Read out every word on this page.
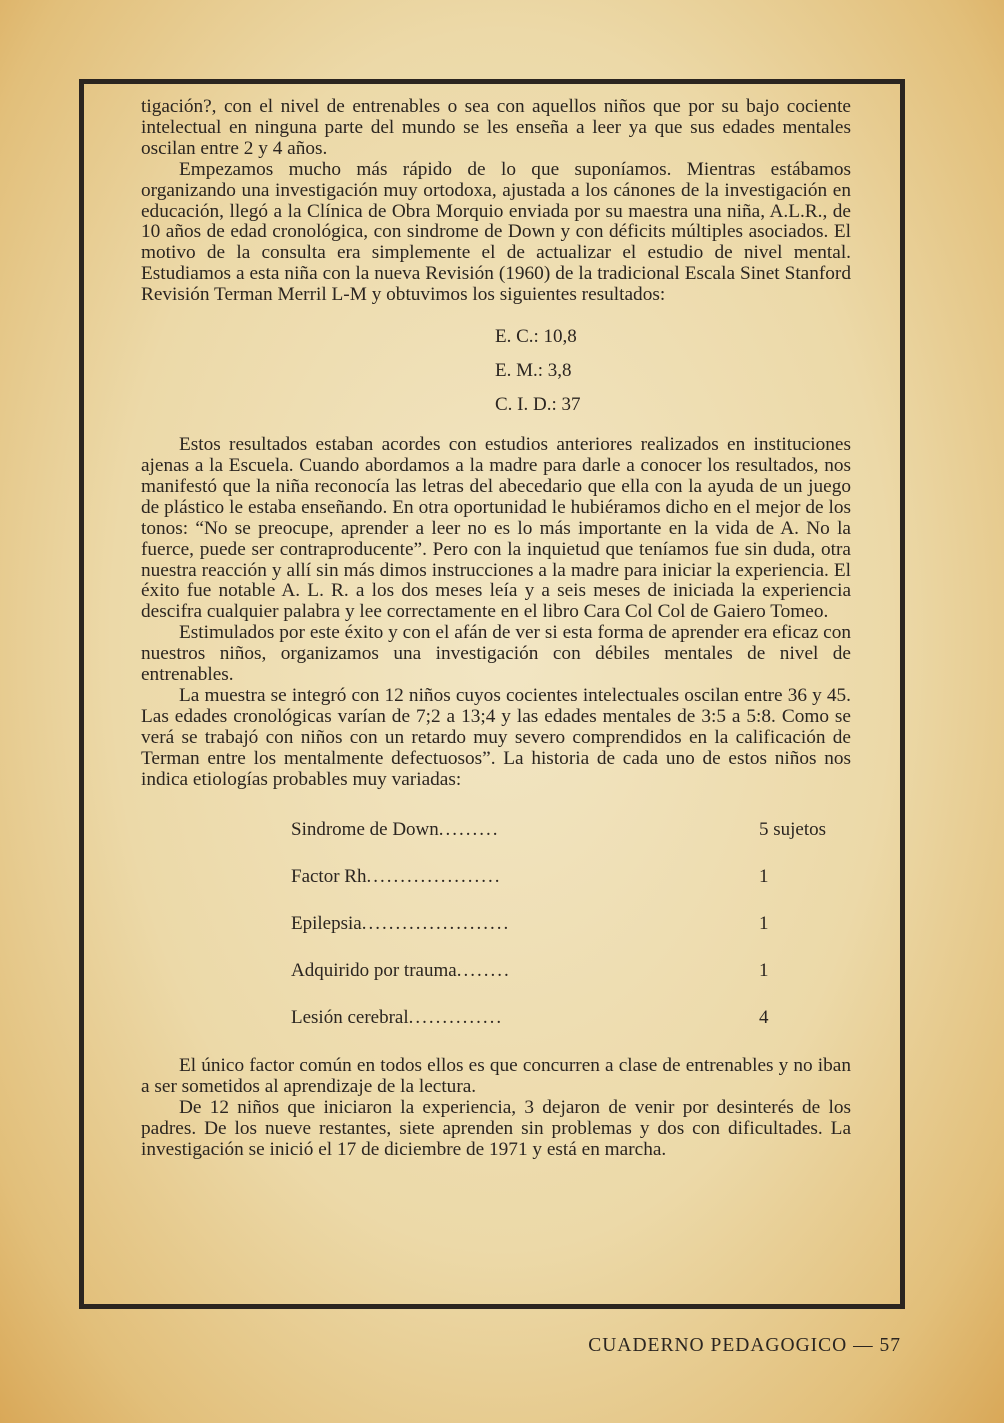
tigación?, con el nivel de entrenables o sea con aquellos niños que por su bajo cociente intelectual en ninguna parte del mundo se les enseña a leer ya que sus edades mentales oscilan entre 2 y 4 años.

Empezamos mucho más rápido de lo que suponíamos. Mientras estábamos organizando una investigación muy ortodoxa, ajustada a los cánones de la investigación en educación, llegó a la Clínica de Obra Morquio enviada por su maestra una niña, A.L.R., de 10 años de edad cronológica, con sindrome de Down y con déficits múltiples asociados. El motivo de la consulta era simplemente el de actualizar el estudio de nivel mental. Estudiamos a esta niña con la nueva Revisión (1960) de la tradicional Escala Sinet Stanford Revisión Terman Merril L-M y obtuvimos los siguientes resultados:

E. C.: 10,8
E. M.: 3,8
C. I. D.: 37

Estos resultados estaban acordes con estudios anteriores realizados en instituciones ajenas a la Escuela. Cuando abordamos a la madre para darle a conocer los resultados, nos manifestó que la niña reconocía las letras del abecedario que ella con la ayuda de un juego de plástico le estaba enseñando. En otra oportunidad le hubiéramos dicho en el mejor de los tonos: “No se preocupe, aprender a leer no es lo más importante en la vida de A. No la fuerce, puede ser contraproducente”. Pero con la inquietud que teníamos fue sin duda, otra nuestra reacción y allí sin más dimos instrucciones a la madre para iniciar la experiencia. El éxito fue notable A. L. R. a los dos meses leía y a seis meses de iniciada la experiencia descifra cualquier palabra y lee correctamente en el libro Cara Col Col de Gaiero Tomeo.

Estimulados por este éxito y con el afán de ver si esta forma de aprender era eficaz con nuestros niños, organizamos una investigación con débiles mentales de nivel de entrenables.

La muestra se integró con 12 niños cuyos cocientes intelectuales oscilan entre 36 y 45. Las edades cronológicas varían de 7;2 a 13;4 y las edades mentales de 3:5 a 5:8. Como se verá se trabajó con niños con un retardo muy severo comprendidos en la calificación de Terman entre los mentalmente defectuosos”. La historia de cada uno de estos niños nos indica etiologías probables muy variadas:

Sindrome de Down .........	5 sujetos
Factor Rh ....................	1
Epilepsia ......................	1
Adquirido por trauma ........	1
Lesión cerebral ..............	4

El único factor común en todos ellos es que concurren a clase de entrenables y no iban a ser sometidos al aprendizaje de la lectura.

De 12 niños que iniciaron la experiencia, 3 dejaron de venir por desinterés de los padres. De los nueve restantes, siete aprenden sin problemas y dos con dificultades. La investigación se inició el 17 de diciembre de 1971 y está en marcha.

CUADERNO PEDAGOGICO — 57
